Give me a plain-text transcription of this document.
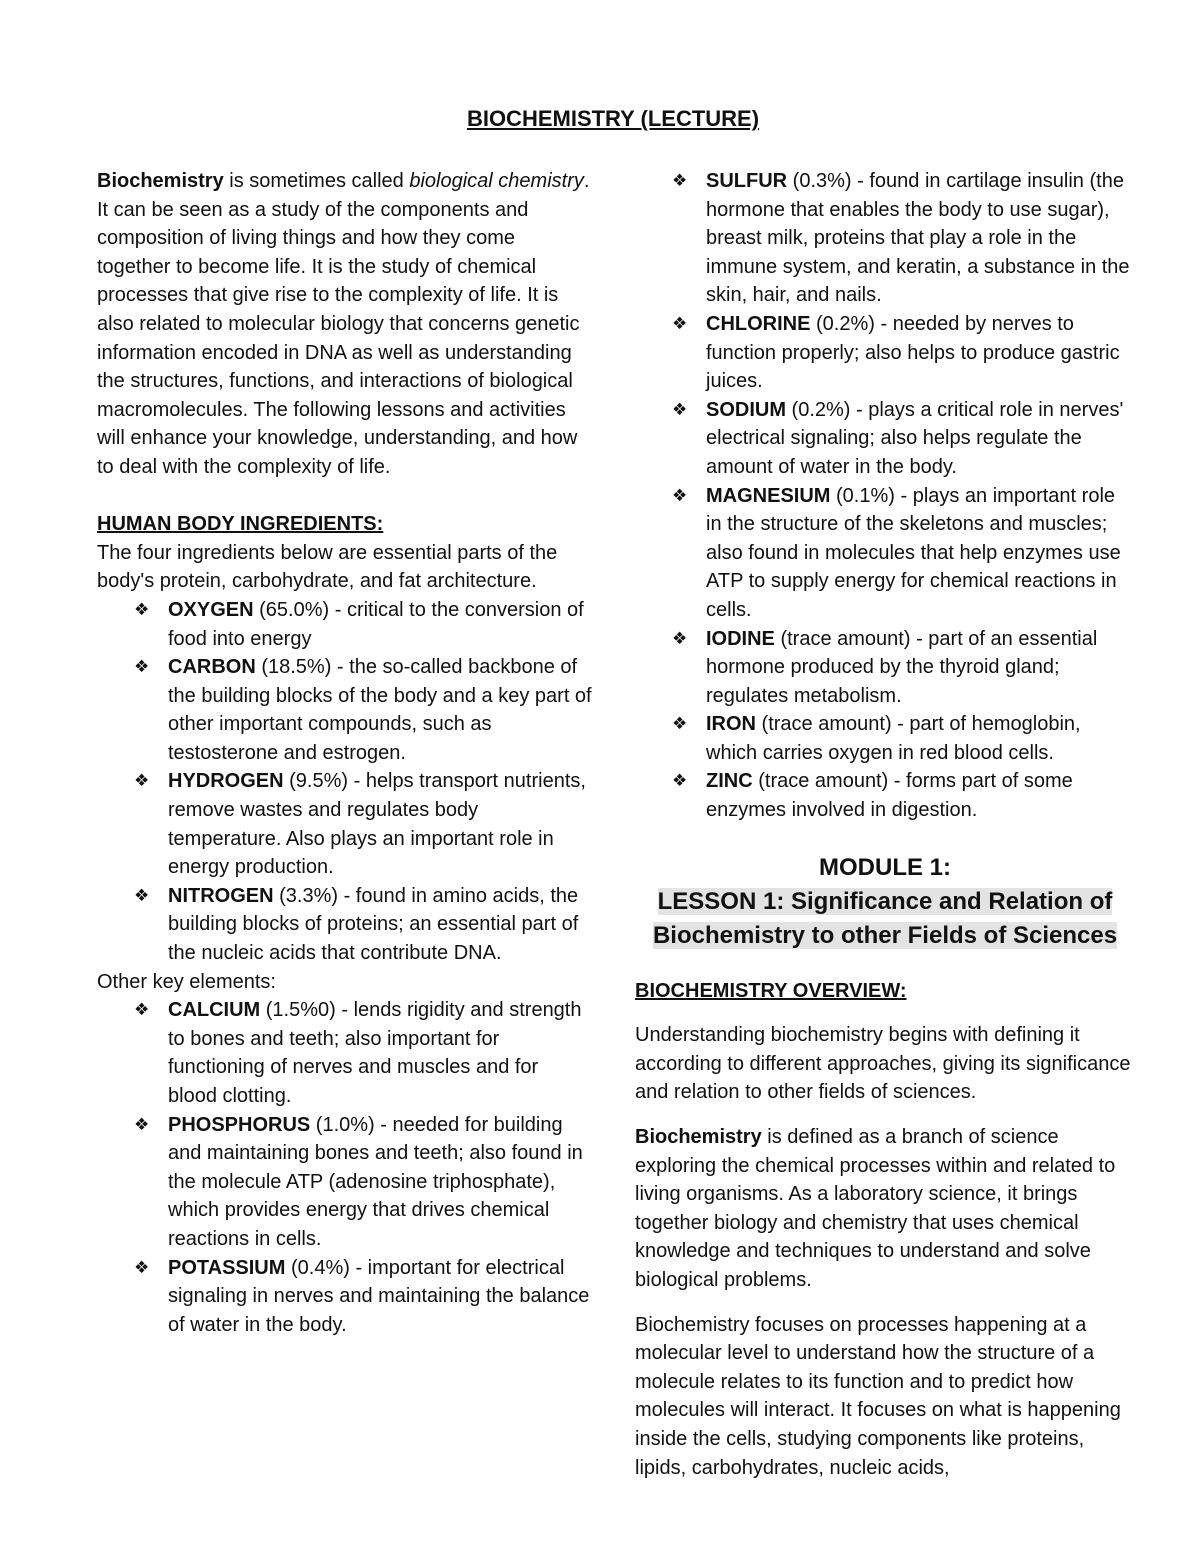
BIOCHEMISTRY (LECTURE)

Biochemistry is sometimes called biological chemistry. It can be seen as a study of the components and composition of living things and how they come together to become life. It is the study of chemical processes that give rise to the complexity of life. It is also related to molecular biology that concerns genetic information encoded in DNA as well as understanding the structures, functions, and interactions of biological macromolecules. The following lessons and activities will enhance your knowledge, understanding, and how to deal with the complexity of life.

HUMAN BODY INGREDIENTS:

The four ingredients below are essential parts of the body's protein, carbohydrate, and fat architecture.

❖ OXYGEN (65.0%) - critical to the conversion of food into energy
❖ CARBON (18.5%) - the so-called backbone of the building blocks of the body and a key part of other important compounds, such as testosterone and estrogen.
❖ HYDROGEN (9.5%) - helps transport nutrients, remove wastes and regulates body temperature. Also plays an important role in energy production.
❖ NITROGEN (3.3%) - found in amino acids, the building blocks of proteins; an essential part of the nucleic acids that contribute DNA.

Other key elements:

❖ CALCIUM (1.5%0) - lends rigidity and strength to bones and teeth; also important for functioning of nerves and muscles and for blood clotting.
❖ PHOSPHORUS (1.0%) - needed for building and maintaining bones and teeth; also found in the molecule ATP (adenosine triphosphate), which provides energy that drives chemical reactions in cells.
❖ POTASSIUM (0.4%) - important for electrical signaling in nerves and maintaining the balance of water in the body.
❖ SULFUR (0.3%) - found in cartilage insulin (the hormone that enables the body to use sugar), breast milk, proteins that play a role in the immune system, and keratin, a substance in the skin, hair, and nails.
❖ CHLORINE (0.2%) - needed by nerves to function properly; also helps to produce gastric juices.
❖ SODIUM (0.2%) - plays a critical role in nerves' electrical signaling; also helps regulate the amount of water in the body.
❖ MAGNESIUM (0.1%) - plays an important role in the structure of the skeletons and muscles; also found in molecules that help enzymes use ATP to supply energy for chemical reactions in cells.
❖ IODINE (trace amount) - part of an essential hormone produced by the thyroid gland; regulates metabolism.
❖ IRON (trace amount) - part of hemoglobin, which carries oxygen in red blood cells.
❖ ZINC (trace amount) - forms part of some enzymes involved in digestion.

MODULE 1:

LESSON 1: Significance and Relation of

Biochemistry to other Fields of Sciences

BIOCHEMISTRY OVERVIEW:

Understanding biochemistry begins with defining it according to different approaches, giving its significance and relation to other fields of sciences.

Biochemistry is defined as a branch of science exploring the chemical processes within and related to living organisms. As a laboratory science, it brings together biology and chemistry that uses chemical knowledge and techniques to understand and solve biological problems.

Biochemistry focuses on processes happening at a molecular level to understand how the structure of a molecule relates to its function and to predict how molecules will interact. It focuses on what is happening inside the cells, studying components like proteins, lipids, carbohydrates, nucleic acids,
